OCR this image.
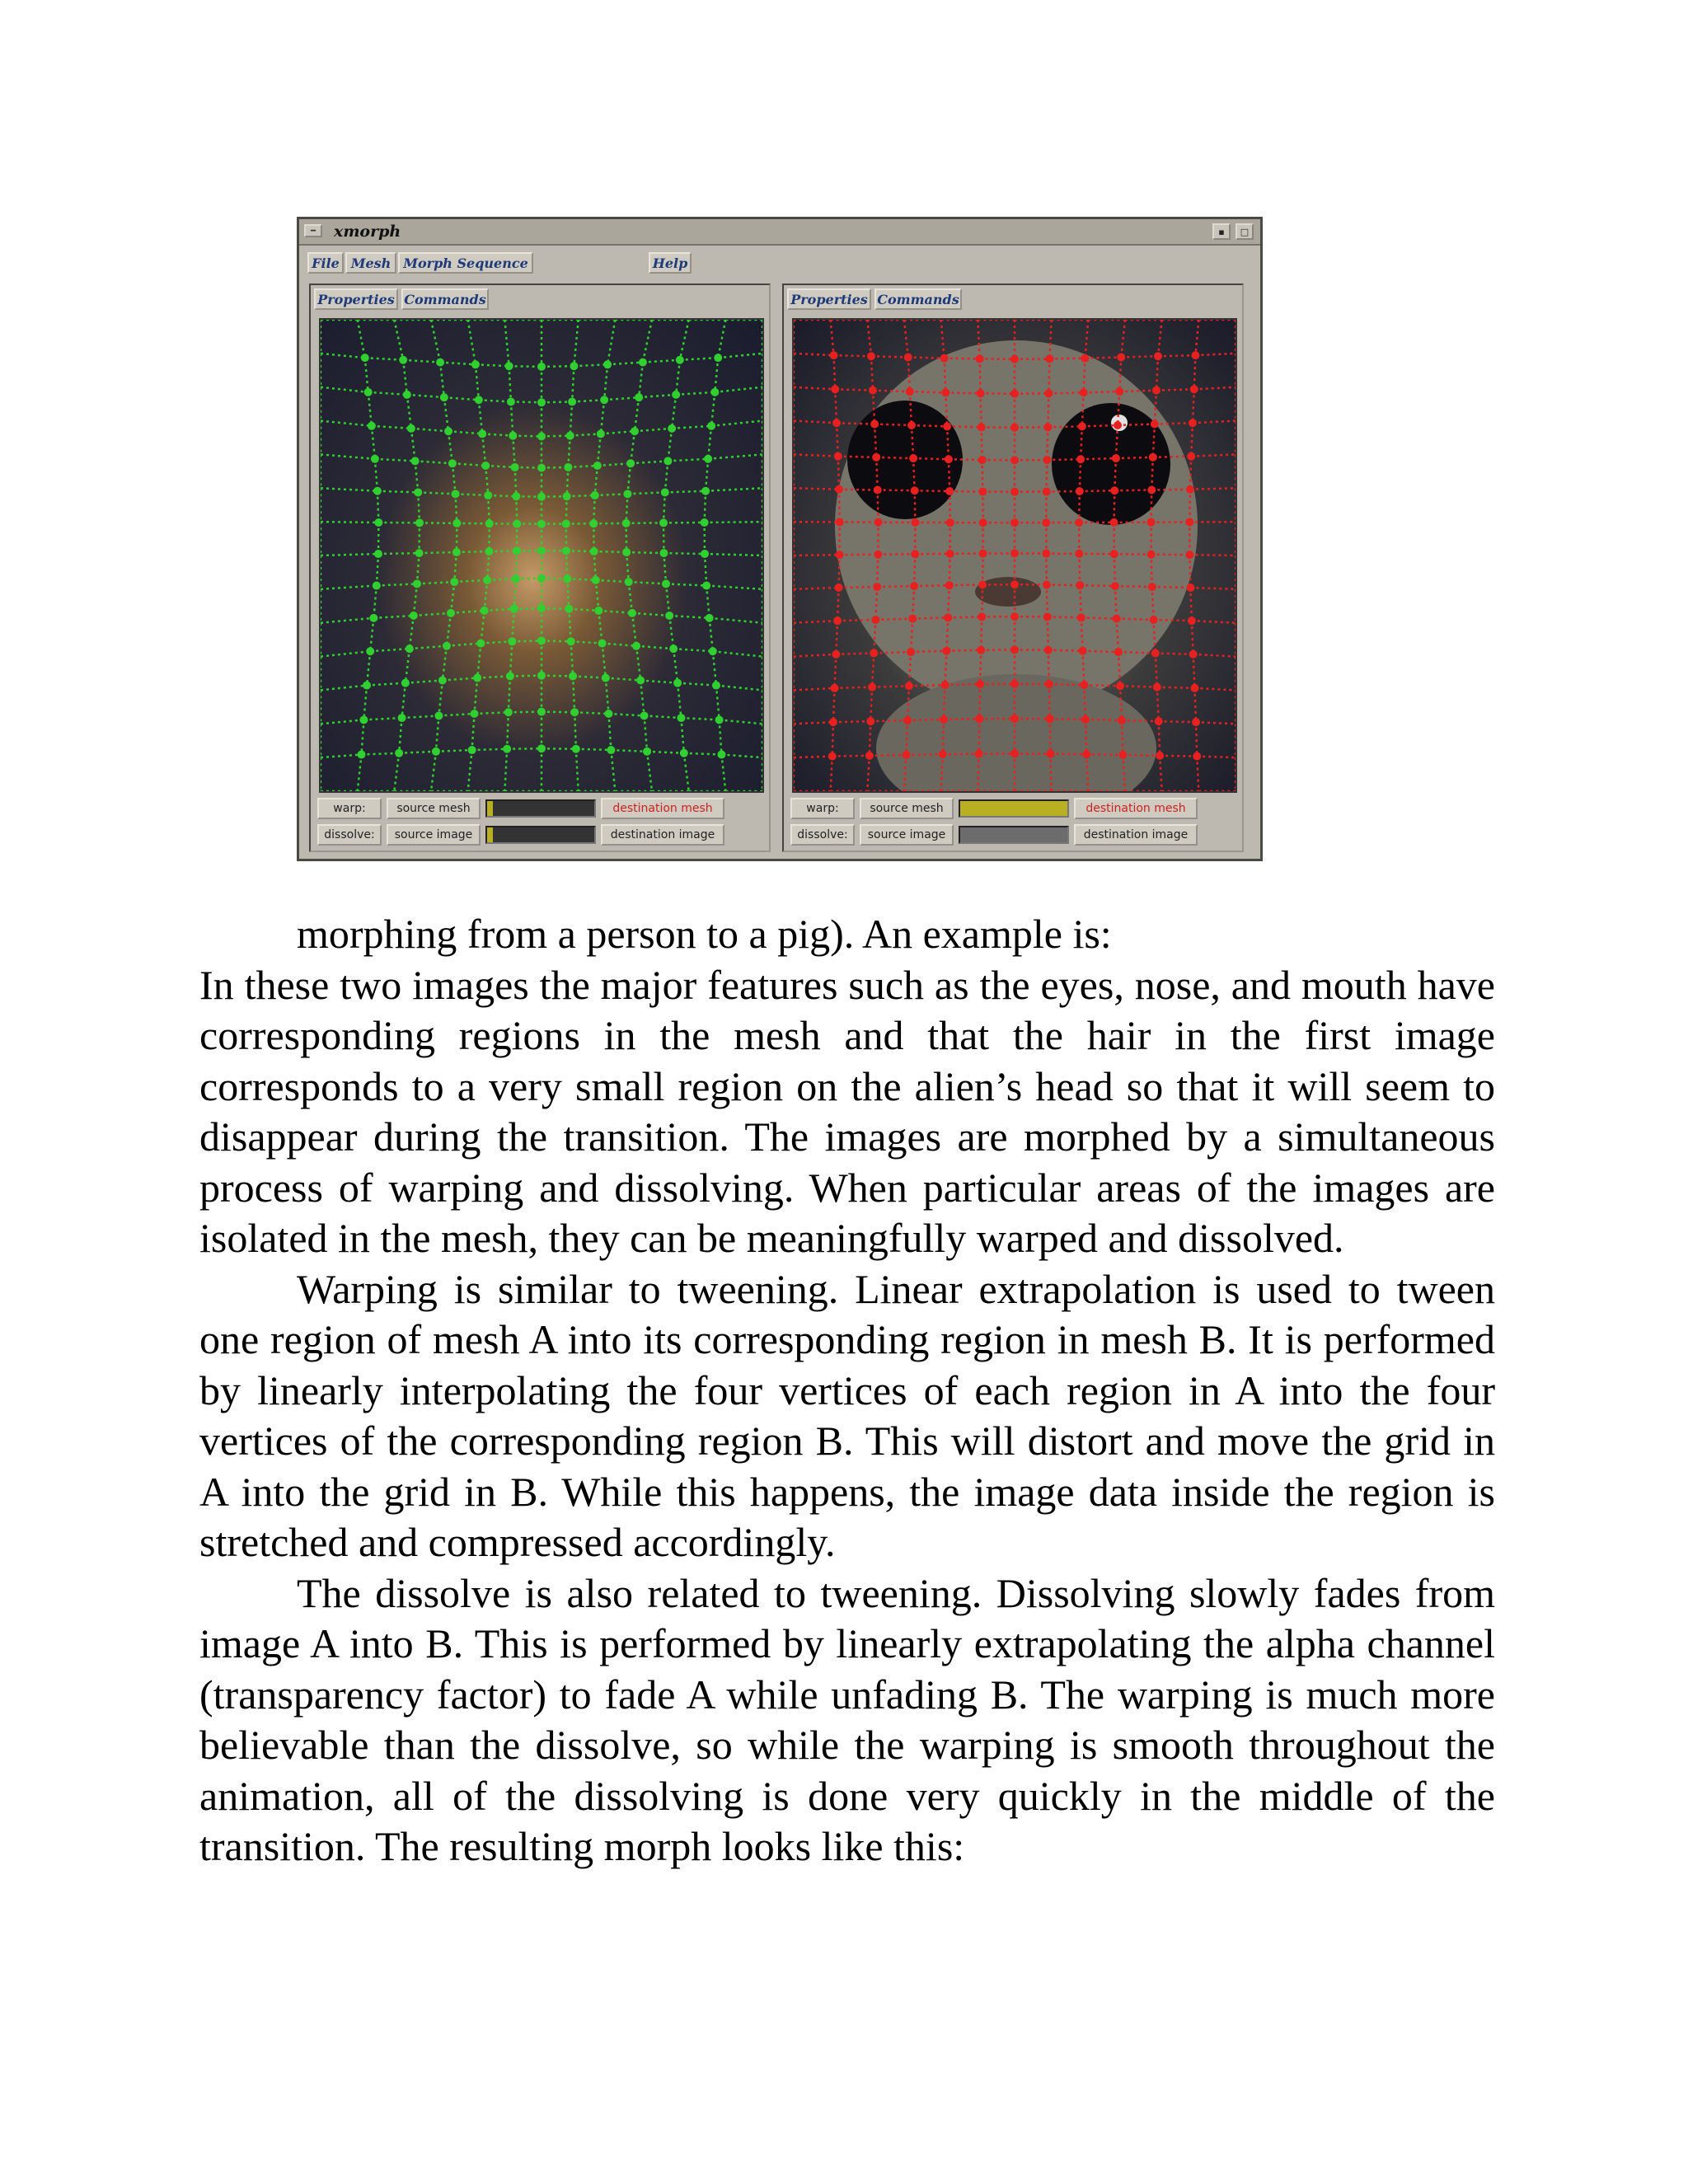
━	xmorph	▪	□
File Mesh Morph Sequence	Help
Properties Commands
warp:	source mesh	destination mesh
dissolve:	source image	destination image
Properties Commands
warp:	source mesh	destination mesh
dissolve:	source image	destination image

morphing from a person to a pig). An example is:

In these two images the major features such as the eyes, nose, and mouth have corresponding regions in the mesh and that the hair in the first image corresponds to a very small region on the alien’s head so that it will seem to disappear during the transition. The images are morphed by a simultaneous process of warping and dissolving. When particular areas of the images are isolated in the mesh, they can be meaningfully warped and dissolved.

Warping is similar to tweening. Linear extrapolation is used to tween one region of mesh A into its corresponding region in mesh B. It is performed by linearly interpolating the four vertices of each region in A into the four vertices of the corresponding region B. This will distort and move the grid in A into the grid in B. While this happens, the image data inside the region is stretched and compressed accordingly.

The dissolve is also related to tweening. Dissolving slowly fades from image A into B. This is performed by linearly extrapolating the alpha channel (transparency factor) to fade A while unfading B. The warping is much more believable than the dissolve, so while the warping is smooth throughout the animation, all of the dissolving is done very quickly in the middle of the transition. The resulting morph looks like this:
